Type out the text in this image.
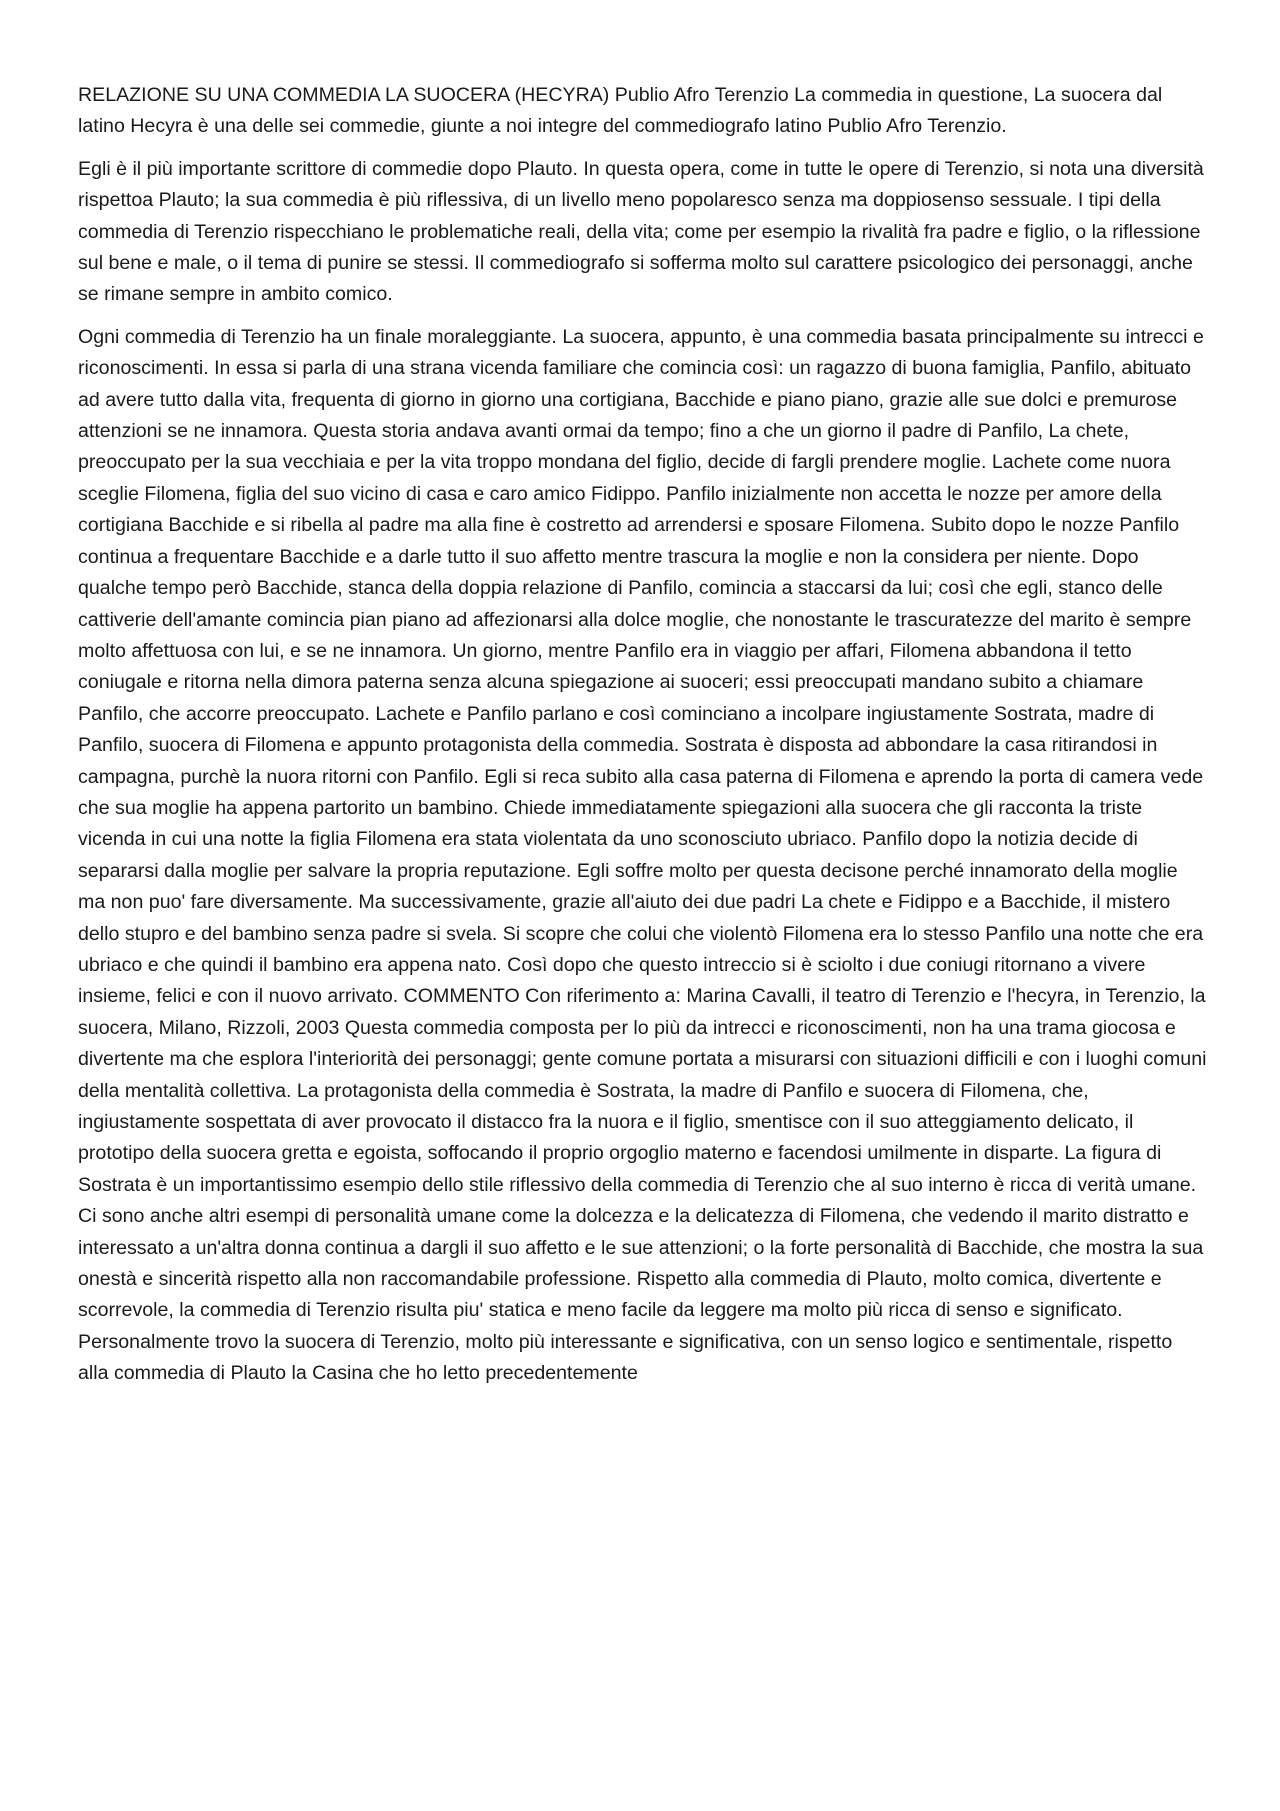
RELAZIONE SU UNA COMMEDIA LA SUOCERA (HECYRA) Publio Afro Terenzio La commedia in questione, La suocera dal latino Hecyra è una delle sei commedie, giunte a noi integre del commediografo latino Publio Afro Terenzio.

Egli è il più importante scrittore di commedie dopo Plauto. In questa opera, come in tutte le opere di Terenzio, si nota una diversità rispettoa Plauto; la sua commedia è più riflessiva, di un livello meno popolaresco senza ma doppiosenso sessuale. I tipi della commedia di Terenzio rispecchiano le problematiche reali, della vita; come per esempio la rivalità fra padre e figlio, o la riflessione sul bene e male, o il tema di punire se stessi. Il commediografo si sofferma molto sul carattere psicologico dei personaggi, anche se rimane sempre in ambito comico.

Ogni commedia di Terenzio ha un finale moraleggiante. La suocera, appunto, è una commedia basata principalmente su intrecci e riconoscimenti. In essa si parla di una strana vicenda familiare che comincia così: un ragazzo di buona famiglia, Panfilo, abituato ad avere tutto dalla vita, frequenta di giorno in giorno una cortigiana, Bacchide e piano piano, grazie alle sue dolci e premurose attenzioni se ne innamora. Questa storia andava avanti ormai da tempo; fino a che un giorno il padre di Panfilo, La chete, preoccupato per la sua vecchiaia e per la vita troppo mondana del figlio, decide di fargli prendere moglie. Lachete come nuora sceglie Filomena, figlia del suo vicino di casa e caro amico Fidippo. Panfilo inizialmente non accetta le nozze per amore della cortigiana Bacchide e si ribella al padre ma alla fine è costretto ad arrendersi e sposare Filomena. Subito dopo le nozze Panfilo continua a frequentare Bacchide e a darle tutto il suo affetto mentre trascura la moglie e non la considera per niente. Dopo qualche tempo però Bacchide, stanca della doppia relazione di Panfilo, comincia a staccarsi da lui; così che egli, stanco delle cattiverie dell'amante comincia pian piano ad affezionarsi alla dolce moglie, che nonostante le trascuratezze del marito è sempre molto affettuosa con lui, e se ne innamora. Un giorno, mentre Panfilo era in viaggio per affari, Filomena abbandona il tetto coniugale e ritorna nella dimora paterna senza alcuna spiegazione ai suoceri; essi preoccupati mandano subito a chiamare Panfilo, che accorre preoccupato. Lachete e Panfilo parlano e così cominciano a incolpare ingiustamente Sostrata, madre di Panfilo, suocera di Filomena e appunto protagonista della commedia. Sostrata è disposta ad abbondare la casa ritirandosi in campagna, purchè la nuora ritorni con Panfilo. Egli si reca subito alla casa paterna di Filomena e aprendo la porta di camera vede che sua moglie ha appena partorito un bambino. Chiede immediatamente spiegazioni alla suocera che gli racconta la triste vicenda in cui una notte la figlia Filomena era stata violentata da uno sconosciuto ubriaco. Panfilo dopo la notizia decide di separarsi dalla moglie per salvare la propria reputazione. Egli soffre molto per questa decisone perché innamorato della moglie ma non puo' fare diversamente. Ma successivamente, grazie all'aiuto dei due padri La chete e Fidippo e a Bacchide, il mistero dello stupro e del bambino senza padre si svela. Si scopre che colui che violentò Filomena era lo stesso Panfilo una notte che era ubriaco e che quindi il bambino era appena nato. Così dopo che questo intreccio si è sciolto i due coniugi ritornano a vivere insieme, felici e con il nuovo arrivato. COMMENTO Con riferimento a: Marina Cavalli, il teatro di Terenzio e l'hecyra, in Terenzio, la suocera, Milano, Rizzoli, 2003 Questa commedia composta per lo più da intrecci e riconoscimenti, non ha una trama giocosa e divertente ma che esplora l'interiorità dei personaggi; gente comune portata a misurarsi con situazioni difficili e con i luoghi comuni della mentalità collettiva. La protagonista della commedia è Sostrata, la madre di Panfilo e suocera di Filomena, che, ingiustamente sospettata di aver provocato il distacco fra la nuora e il figlio, smentisce con il suo atteggiamento delicato, il prototipo della suocera gretta e egoista, soffocando il proprio orgoglio materno e facendosi umilmente in disparte. La figura di Sostrata è un importantissimo esempio dello stile riflessivo della commedia di Terenzio che al suo interno è ricca di verità umane. Ci sono anche altri esempi di personalità umane come la dolcezza e la delicatezza di Filomena, che vedendo il marito distratto e interessato a un'altra donna continua a dargli il suo affetto e le sue attenzioni; o la forte personalità di Bacchide, che mostra la sua onestà e sincerità rispetto alla non raccomandabile professione. Rispetto alla commedia di Plauto, molto comica, divertente e scorrevole, la commedia di Terenzio risulta piu' statica e meno facile da leggere ma molto più ricca di senso e significato. Personalmente trovo la suocera di Terenzio, molto più interessante e significativa, con un senso logico e sentimentale, rispetto alla commedia di Plauto la Casina che ho letto precedentemente
